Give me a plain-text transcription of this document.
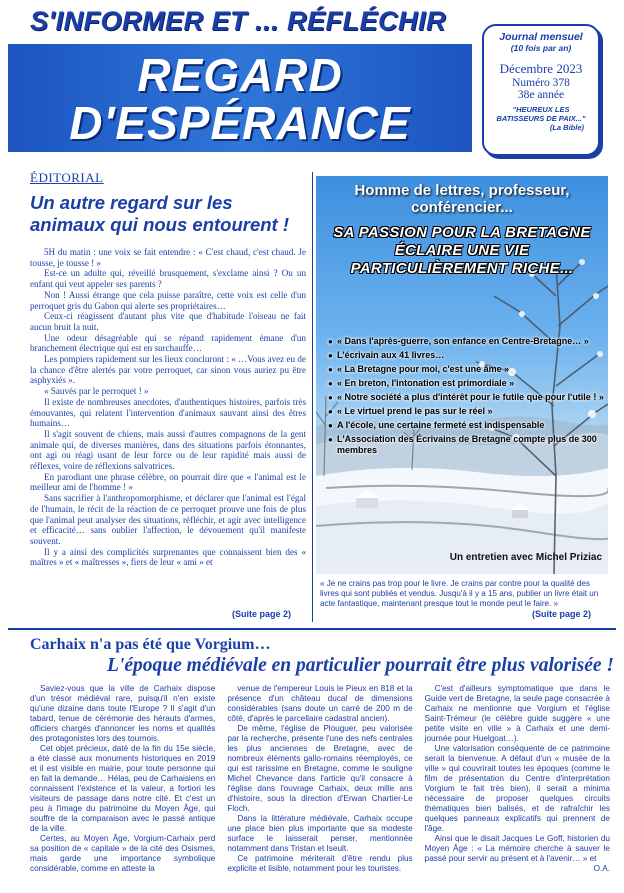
S'INFORMER ET ... RÉFLÉCHIR
REGARD
D'ESPÉRANCE
Journal mensuel
(10 fois par an)
Décembre 2023
Numéro 378
38e année
"HEUREUX LES BATISSEURS DE PAIX..."
(La Bible)
ÉDITORIAL
Un autre regard sur les animaux qui nous entourent !

5H du matin : une voix se fait entendre : « C'est chaud, c'est chaud. Je tousse, je tousse ! »

Est-ce un adulte qui, réveillé brusquement, s'exclame ainsi ? Ou un enfant qui veut appeler ses parents ?

Non ! Aussi étrange que cela puisse paraître, cette voix est celle d'un perroquet gris du Gabon qui alerte ses propriétaires…

Ceux-ci réagissent d'autant plus vite que d'habitude l'oiseau ne fait aucun bruit la nuit.

Une odeur désagréable qui se répand rapidement émane d'un branchement électrique qui est en surchauffe…

Les pompiers rapidement sur les lieux concluront : « …Vous avez eu de la chance d'être alertés par votre perroquet, car sinon vous auriez pu être asphyxiés ».

« Sauvés par le perroquet ! »

Il existe de nombreuses anecdotes, d'authentiques histoires, parfois très émouvantes, qui relatent l'intervention d'animaux sauvant ainsi des êtres humains…

Il s'agit souvent de chiens, mais aussi d'autres compagnons de la gent animale qui, de diverses manières, dans des situations parfois étonnantes, ont agi ou réagi usant de leur force ou de leur rapidité mais aussi de réflexes, voire de réflexions salvatrices.

En parodiant une phrase célèbre, on pourrait dire que « l'animal est le meilleur ami de l'homme ! »

Sans sacrifier à l'anthropomorphisme, et déclarer que l'animal est l'égal de l'humain, le récit de la réaction de ce perroquet prouve une fois de plus que l'animal peut analyser des situations, réfléchir, et agir avec intelligence et efficacité… sans oublier l'affection, le dévouement qu'il manifeste souvent.

Il y a ainsi des complicités surprenantes que connaissent bien des « maîtres » et « maîtresses », fiers de leur « ami » et

(Suite page 2)
Homme de lettres, professeur,
conférencier...
SA PASSION POUR LA BRETAGNE
ÉCLAIRE UNE VIE
PARTICULIÈREMENT RICHE...
● « Dans l'après-guerre, son enfance en Centre-Bretagne… »
● L'écrivain aux 41 livres…
● « La Bretagne pour moi, c'est une âme »
● « En breton, l'intonation est primordiale »
● « Notre société a plus d'intérêt pour le futile que pour l'utile ! »
● « Le virtuel prend le pas sur le réel »
● A l'école, une certaine fermeté est indispensable
● L'Association des Écrivains de Bretagne compte plus de 300 membres
Un entretien avec Michel Priziac
« Je ne crains pas trop pour le livre. Je crains par contre pour la qualité des livres qui sont publiés et vendus. Jusqu'à il y a 15 ans, publier un livre était un acte fantastique, maintenant presque tout le monde peut le faire. »
(Suite page 2)
Carhaix n'a pas été que Vorgium…
L'époque médiévale en particulier pourrait être plus valorisée !

Saviez-vous que la ville de Carhaix dispose d'un trésor médiéval rare, puisqu'il n'en existe qu'une dizaine dans toute l'Europe ? Il s'agit d'un tabard, tenue de cérémonie des hérauts d'armes, officiers chargés d'annoncer les noms et qualités des protagonistes lors des tournois.

Cet objet précieux, daté de la fin du 15e siècle, a été classé aux monuments historiques en 2019 et il est visible en mairie, pour toute personne qui en fait la demande… Hélas, peu de Carhaisiens en connaissent l'existence et la valeur, a fortiori les visiteurs de passage dans notre cité. Et c'est un peu à l'image du patrimoine du Moyen Âge, qui souffre de la comparaison avec le passé antique de la ville.

Certes, au Moyen Âge, Vorgium-Carhaix perd sa position de « capitale » de la cité des Osismes, mais garde une importance symbolique considérable, comme en atteste la

venue de l'empereur Louis le Pieux en 818 et la présence d'un château ducal de dimensions considérables (sans doute un carré de 200 m de côté, d'après le parcellaire cadastral ancien).

De même, l'église de Plouguer, peu valorisée par la recherche, présente l'une des nefs centrales les plus anciennes de Bretagne, avec de nombreux éléments gallo-romains réemployés, ce qui est rarissime en Bretagne, comme le souligne Michel Chevance dans l'article qu'il consacre à l'église dans l'ouvrage Carhaix, deux mille ans d'histoire, sous la direction d'Erwan Chartier-Le Floch.

Dans la littérature médiévale, Carhaix occupe une place bien plus importante que sa modeste surface le laisserait penser, mentionnée notamment dans Tristan et Iseult.

Ce patrimoine mériterait d'être rendu plus explicite et lisible, notamment pour les touristes.

C'est d'ailleurs symptomatique que dans le Guide vert de Bretagne, la seule page consacrée à Carhaix ne mentionne que Vorgium et l'église Saint-Trémeur (le célèbre guide suggère « une petite visite en ville » à Carhaix et une demi-journée pour Huelgoat…).

Une valorisation conséquente de ce patrimoine serait la bienvenue. A défaut d'un « musée de la ville » qui couvrirait toutes les époques (comme le film de présentation du Centre d'interprétation Vorgium le fait très bien), il serait a minima nécessaire de proposer quelques circuits thématiques bien balisés, et de rafraîchir les quelques panneaux explicatifs qui prennent de l'âge.

Ainsi que le disait Jacques Le Goff, historien du Moyen Âge : « La mémoire cherche à sauver le passé pour servir au présent et à l'avenir… » et

O.A.
